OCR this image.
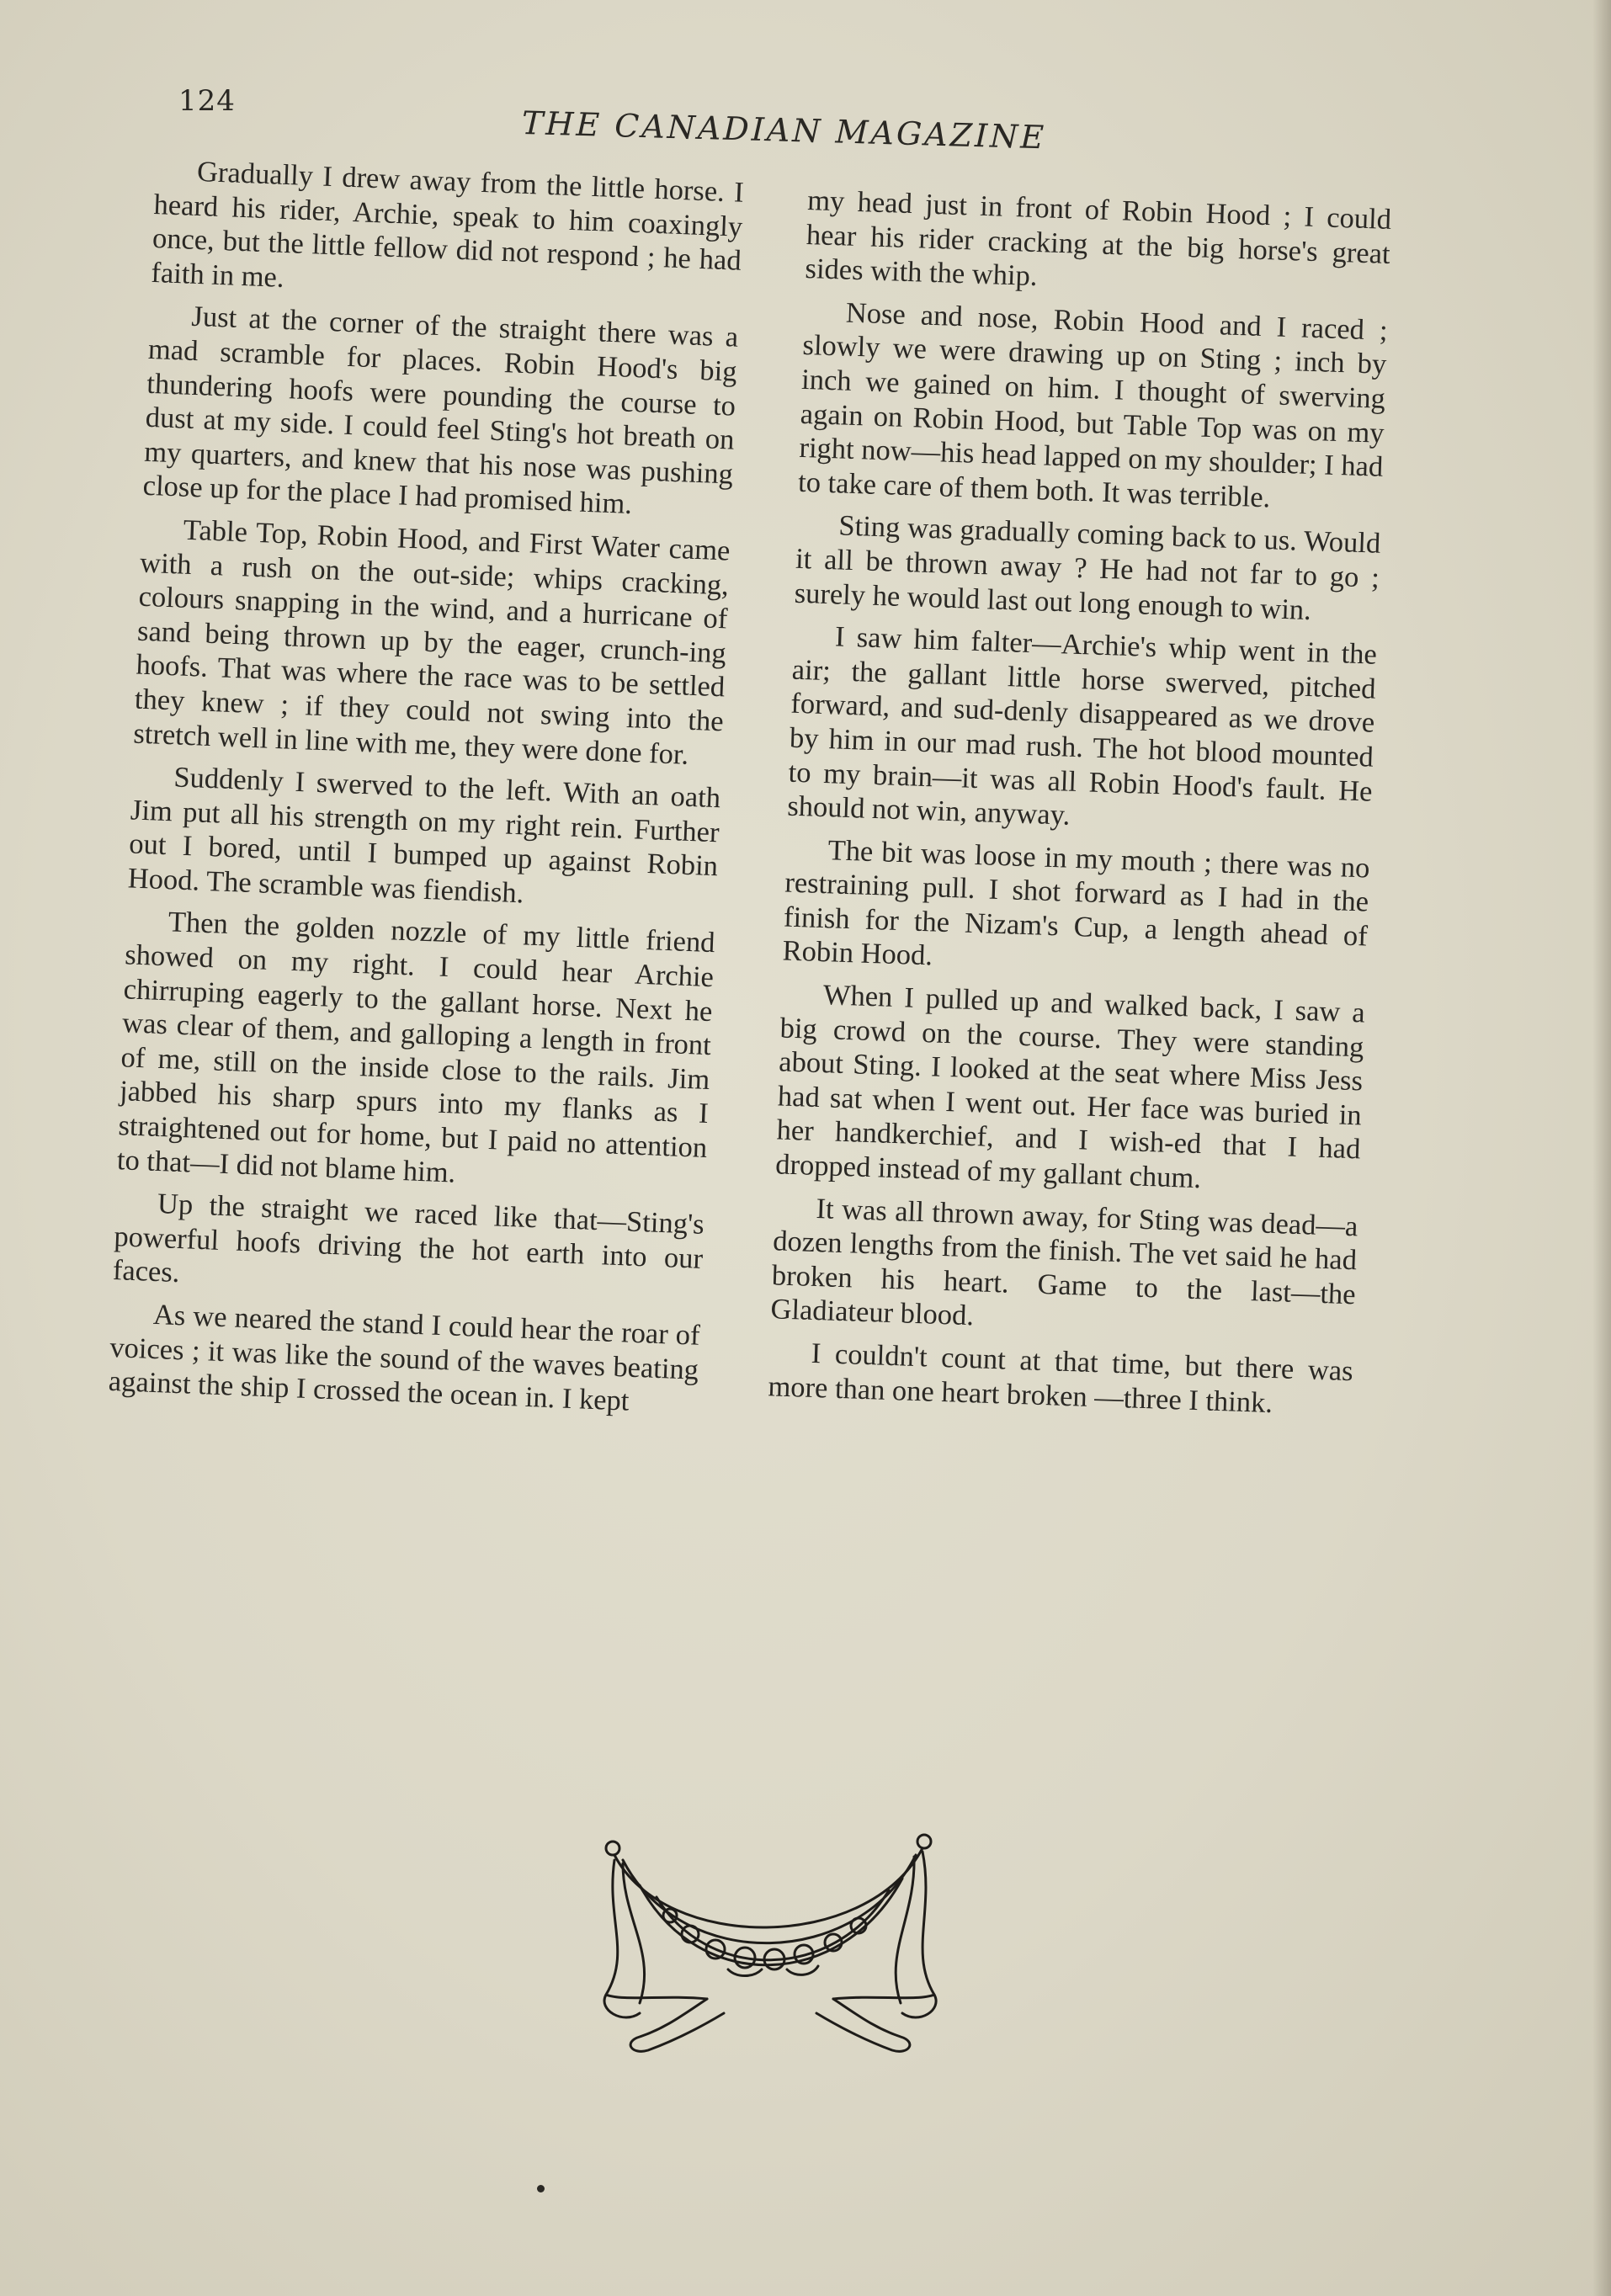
124
THE CANADIAN MAGAZINE

Gradually I drew away from the little horse. I heard his rider, Archie, speak to him coaxingly once, but the little fellow did not respond ; he had faith in me.

Just at the corner of the straight there was a mad scramble for places. Robin Hood's big thundering hoofs were pounding the course to dust at my side. I could feel Sting's hot breath on my quarters, and knew that his nose was pushing close up for the place I had promised him.

Table Top, Robin Hood, and First Water came with a rush on the out-side; whips cracking, colours snapping in the wind, and a hurricane of sand being thrown up by the eager, crunch-ing hoofs. That was where the race was to be settled they knew ; if they could not swing into the stretch well in line with me, they were done for.

Suddenly I swerved to the left. With an oath Jim put all his strength on my right rein. Further out I bored, until I bumped up against Robin Hood. The scramble was fiendish.

Then the golden nozzle of my little friend showed on my right. I could hear Archie chirruping eagerly to the gallant horse. Next he was clear of them, and galloping a length in front of me, still on the inside close to the rails. Jim jabbed his sharp spurs into my flanks as I straightened out for home, but I paid no attention to that—I did not blame him.

Up the straight we raced like that—Sting's powerful hoofs driving the hot earth into our faces.

As we neared the stand I could hear the roar of voices ; it was like the sound of the waves beating against the ship I crossed the ocean in. I kept

my head just in front of Robin Hood ; I could hear his rider cracking at the big horse's great sides with the whip.

Nose and nose, Robin Hood and I raced ; slowly we were drawing up on Sting ; inch by inch we gained on him. I thought of swerving again on Robin Hood, but Table Top was on my right now—his head lapped on my shoulder; I had to take care of them both. It was terrible.

Sting was gradually coming back to us. Would it all be thrown away ? He had not far to go ; surely he would last out long enough to win.

I saw him falter—Archie's whip went in the air; the gallant little horse swerved, pitched forward, and sud-denly disappeared as we drove by him in our mad rush. The hot blood mounted to my brain—it was all Robin Hood's fault. He should not win, anyway.

The bit was loose in my mouth ; there was no restraining pull. I shot forward as I had in the finish for the Nizam's Cup, a length ahead of Robin Hood.

When I pulled up and walked back, I saw a big crowd on the course. They were standing about Sting. I looked at the seat where Miss Jess had sat when I went out. Her face was buried in her handkerchief, and I wish-ed that I had dropped instead of my gallant chum.

It was all thrown away, for Sting was dead—a dozen lengths from the finish. The vet said he had broken his heart. Game to the last—the Gladiateur blood.

I couldn't count at that time, but there was more than one heart broken —three I think.
